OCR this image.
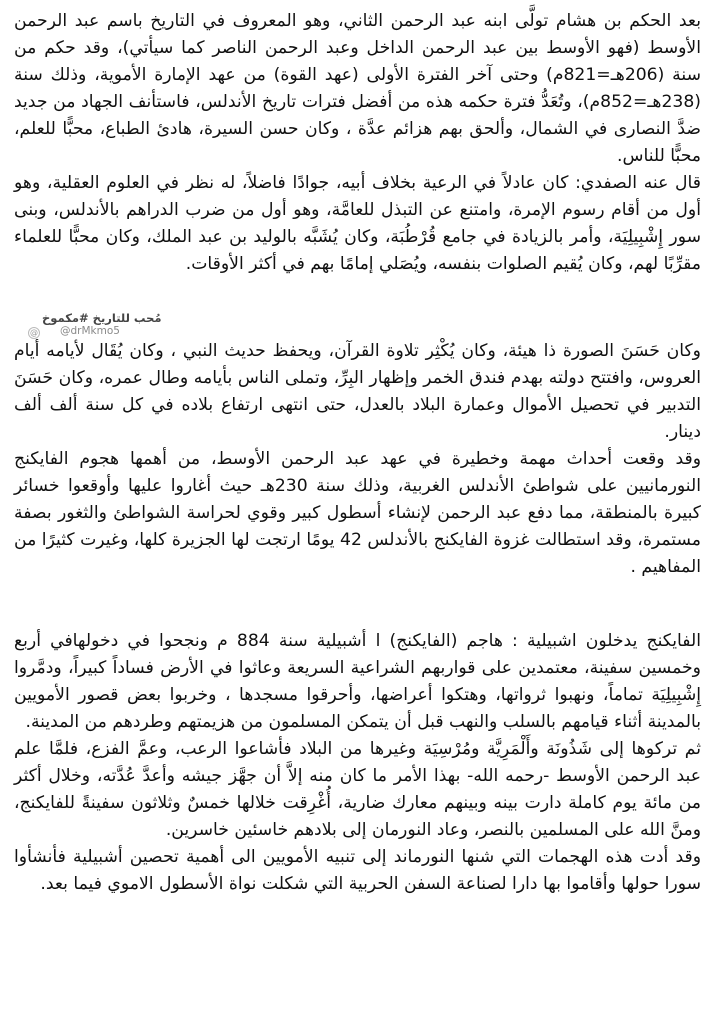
بعد الحكم بن هشام تولَّى ابنه عبد الرحمن الثاني، وهو المعروف في التاريخ باسم عبد الرحمن الأوسط (فهو الأوسط بين عبد الرحمن الداخل وعبد الرحمن الناصر كما سيأتي)، وقد حكم من سنة (206هـ=821م) وحتى آخر الفترة الأولى (عهد القوة) من عهد الإمارة الأموية، وذلك سنة (238هـ=852م)، وتُعَدُّ فترة حكمه هذه من أفضل فترات تاريخ الأندلس، فاستأنف الجهاد من جديد ضدَّ النصارى في الشمال، وألحق بهم هزائم عدَّة ، وكان حسن السيرة، هادئ الطباع، محبًّا للعلم، محبًّا للناس.

قال عنه الصفدي: كان عادلاً في الرعية بخلاف أبيه، جوادًا فاضلاً، له نظر في العلوم العقلية، وهو أول من أقام رسوم الإمرة، وامتنع عن التبذل للعامَّة، وهو أول من ضرب الدراهم بالأندلس، وبنى سور إِشْبِيلِيَة، وأمر بالزيادة في جامع قُرْطُبَة، وكان يُشَبَّه بالوليد بن عبد الملك، وكان محبًّا للعلماء مقرِّبًا لهم، وكان يُقيم الصلوات بنفسه، ويُصَلي إمامًا بهم في أكثر الأوقات.

مُحب للتاريخ #مكموخ
@drMkmo5
@

وكان حَسَنَ الصورة ذا هيئة، وكان يُكْثِر تلاوة القرآن، ويحفظ حديث النبي ، وكان يُقَال لأيامه أيام العروس، وافتتح دولته بهدم فندق الخمر وإظهار البِرِّ، وتملى الناس بأيامه وطال عمره، وكان حَسَنَ التدبير في تحصيل الأموال وعمارة البلاد بالعدل، حتى انتهى ارتفاع بلاده في كل سنة ألف ألف دينار.

وقد وقعت أحداث مهمة وخطيرة في عهد عبد الرحمن الأوسط، من أهمها هجوم الفايكنج النورمانيين على شواطئ الأندلس الغربية، وذلك سنة 230هـ حيث أغاروا عليها وأوقعوا خسائر كبيرة بالمنطقة، مما دفع عبد الرحمن لإنشاء أسطول كبير وقوي لحراسة الشواطئ والثغور بصفة مستمرة، وقد استطالت غزوة الفايكنج بالأندلس 42 يومًا ارتجت لها الجزيرة كلها، وغيرت كثيرًا من المفاهيم .

الفايكنج يدخلون اشبيلية : هاجم (الفايكنج) ا أشبيلية سنة 884 م ونجحوا في دخولهافي أربع وخمسين سفينة، معتمدين على قواربهم الشراعية السريعة وعاثوا في الأرض فساداً كبيراً، ودمَّروا إِشْبِيلِيَة تماماً، ونهبوا ثرواتها، وهتكوا أعراضها، وأحرقوا مسجدها ، وخربوا بعض قصور الأمويين بالمدينة أثناء قيامهم بالسلب والنهب قبل أن يتمكن المسلمون من هزيمتهم وطردهم من المدينة.

ثم تركوها إلى شَذُونَة وأَلْمَرِيَّة ومُرْسِيَة وغيرها من البلاد فأشاعوا الرعب، وعمَّ الفزع، فلمَّا علم عبد الرحمن الأوسط -رحمه الله- بهذا الأمر ما كان منه إلاَّ أن جهَّز جيشه وأعدَّ عُدَّته، وخلال أكثر من مائة يوم كاملة دارت بينه وبينهم معارك ضارية، أُغْرِقت خلالها خمسٌ وثلاثون سفينةً للفايكنج، ومنَّ الله على المسلمين بالنصر، وعاد النورمان إلى بلادهم خاسئين خاسرين.

وقد أدت هذه الهجمات التي شنها النورماند إلى تنبيه الأمويين الى أهمية تحصين أشبيلية فأنشأوا سورا حولها وأقاموا بها دارا لصناعة السفن الحربية التي شكلت نواة الأسطول الاموي فيما بعد.
